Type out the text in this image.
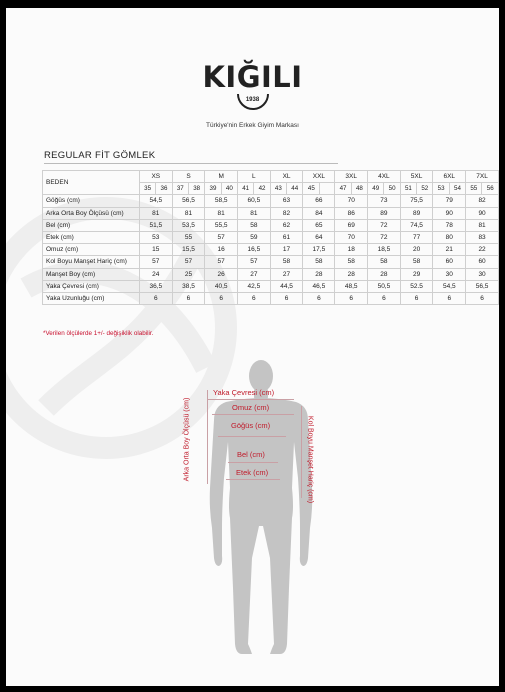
KIĞILI
1938
Türkiye'nin Erkek Giyim Markası
REGULAR FİT GÖMLEK
BEDEN	XS		S		M		L		XL		XXL		3XL		4XL		5XL		6XL		7XL	
	35	36	37	38	39	40	41	42	43	44	45		47	48	49	50	51	52	53	54	55	56
Göğüs (cm)	54,5		56,5		58,5		60,5		63		66		70		73		75,5		79		82	
Arka Orta Boy Ölçüsü (cm)	81		81		81		81		82		84		86		89		89		90		90	
Bel (cm)	51,5		53,5		55,5		58		62		65		69		72		74,5		78		81	
Etek (cm)	53		55		57		59		61		64		70		72		77		80		83	
Omuz (cm)	15		15,5		16		16,5		17		17,5		18		18,5		20		21		22	
Kol Boyu Manşet Hariç (cm)	57		57		57		57		58		58		58		58		58		60		60	
Manşet Boy (cm)	24		25		26		27		27		28		28		28		29		30		30	
Yaka Çevresi (cm)	36,5		38,5		40,5		42,5		44,5		46,5		48,5		50,5		52.5		54,5		56,5	
Yaka Uzunluğu (cm)	6		6		6		6		6		6		6		6		6		6		6	
*Verilen ölçülerde 1+/- değişiklik olabilir.
Yaka Çevresi (cm)
Omuz (cm)
Göğüs (cm)
Bel (cm)
Etek (cm)
Arka Orta Boy Ölçüsü (cm)	Kol Boyu Manşet Hariç (cm)
